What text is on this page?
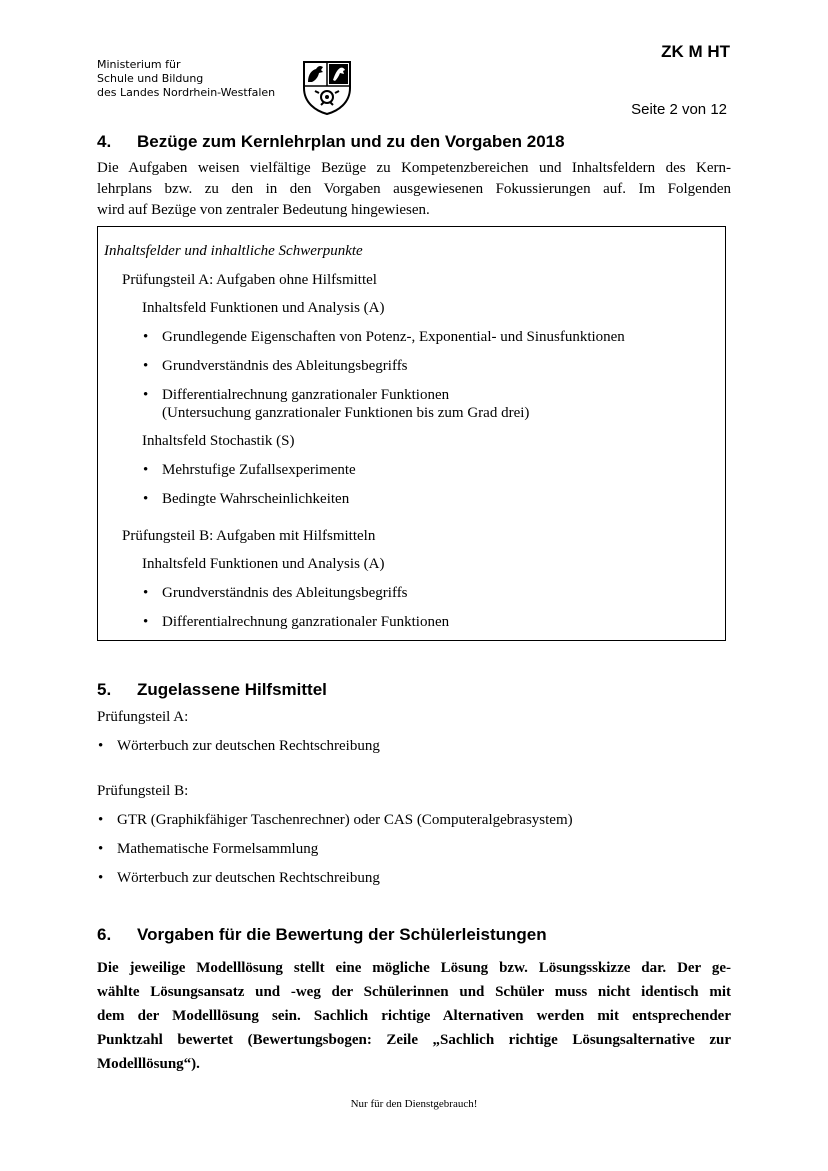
Ministerium für
Schule und Bildung
des Landes Nordrhein-Westfalen
ZK M HT
Seite 2 von 12
4. Bezüge zum Kernlehrplan und zu den Vorgaben 2018
Die Aufgaben weisen vielfältige Bezüge zu Kompetenzbereichen und Inhaltsfeldern des Kern-
lehrplans bzw. zu den in den Vorgaben ausgewiesenen Fokussierungen auf. Im Folgenden
wird auf Bezüge von zentraler Bedeutung hingewiesen.
Inhaltsfelder und inhaltliche Schwerpunkte
Prüfungsteil A: Aufgaben ohne Hilfsmittel
Inhaltsfeld Funktionen und Analysis (A)
• Grundlegende Eigenschaften von Potenz-, Exponential- und Sinusfunktionen
• Grundverständnis des Ableitungsbegriffs
• Differentialrechnung ganzrationaler Funktionen
(Untersuchung ganzrationaler Funktionen bis zum Grad drei)
Inhaltsfeld Stochastik (S)
• Mehrstufige Zufallsexperimente
• Bedingte Wahrscheinlichkeiten
Prüfungsteil B: Aufgaben mit Hilfsmitteln
Inhaltsfeld Funktionen und Analysis (A)
• Grundverständnis des Ableitungsbegriffs
• Differentialrechnung ganzrationaler Funktionen
5. Zugelassene Hilfsmittel
Prüfungsteil A:
• Wörterbuch zur deutschen Rechtschreibung
Prüfungsteil B:
• GTR (Graphikfähiger Taschenrechner) oder CAS (Computeralgebrasystem)
• Mathematische Formelsammlung
• Wörterbuch zur deutschen Rechtschreibung
6. Vorgaben für die Bewertung der Schülerleistungen
Die jeweilige Modelllösung stellt eine mögliche Lösung bzw. Lösungsskizze dar. Der ge-
wählte Lösungsansatz und -weg der Schülerinnen und Schüler muss nicht identisch mit
dem der Modelllösung sein. Sachlich richtige Alternativen werden mit entsprechender
Punktzahl bewertet (Bewertungsbogen: Zeile „Sachlich richtige Lösungsalternative zur
Modelllösung“).
Nur für den Dienstgebrauch!
